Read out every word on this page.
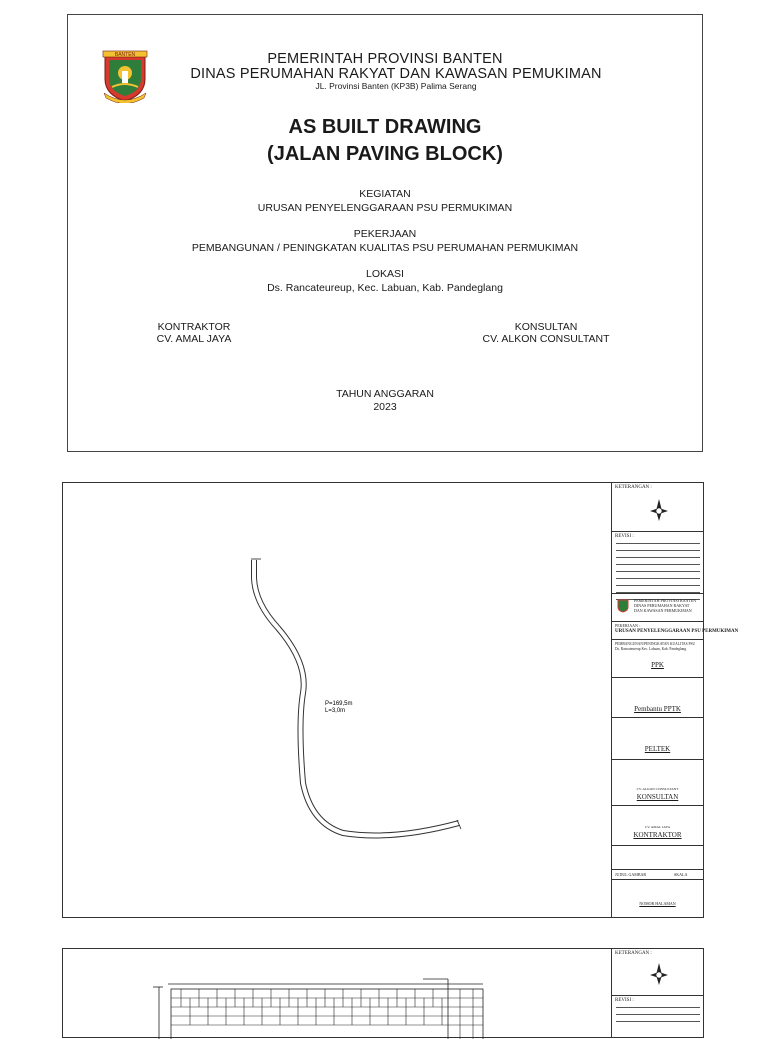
BANTEN	PEMERINTAH PROVINSI BANTEN
DINAS PERUMAHAN RAKYAT DAN KAWASAN PEMUKIMAN
JL. Provinsi Banten (KP3B) Palima Serang
AS BUILT DRAWING
(JALAN PAVING BLOCK)
KEGIATAN
URUSAN PENYELENGGARAAN PSU PERMUKIMAN
PEKERJAAN
PEMBANGUNAN / PENINGKATAN KUALITAS PSU PERUMAHAN PERMUKIMAN
LOKASI
Ds. Rancateureup, Kec. Labuan, Kab. Pandeglang
KONTRAKTOR
CV. AMAL JAYA
KONSULTAN
CV. ALKON CONSULTANT
TAHUN ANGGARAN
2023
P=169,5m
L=3,0m
KETERANGAN :
REVISI :
PEMERINTAH PROVINSI BANTEN
DINAS PERUMAHAN RAKYAT
DAN KAWASAN PERMUKIMAN
PEKERJAAN :
URUSAN PENYELENGGARAAN PSU PERMUKIMAN
PEMBANGUNAN/PENINGKATAN KUALITAS PSU
Ds. Rancateureup Kec. Labuan, Kab. Pandeglang
PPK
Pembantu PPTK
PELTEK
KONSULTAN
CV. ALKON CONSULTANT
KONTRAKTOR
CV. AMAL JAYA
JUDUL GAMBAR	SKALA
NOMOR HALAMAN
KETERANGAN :
REVISI :
